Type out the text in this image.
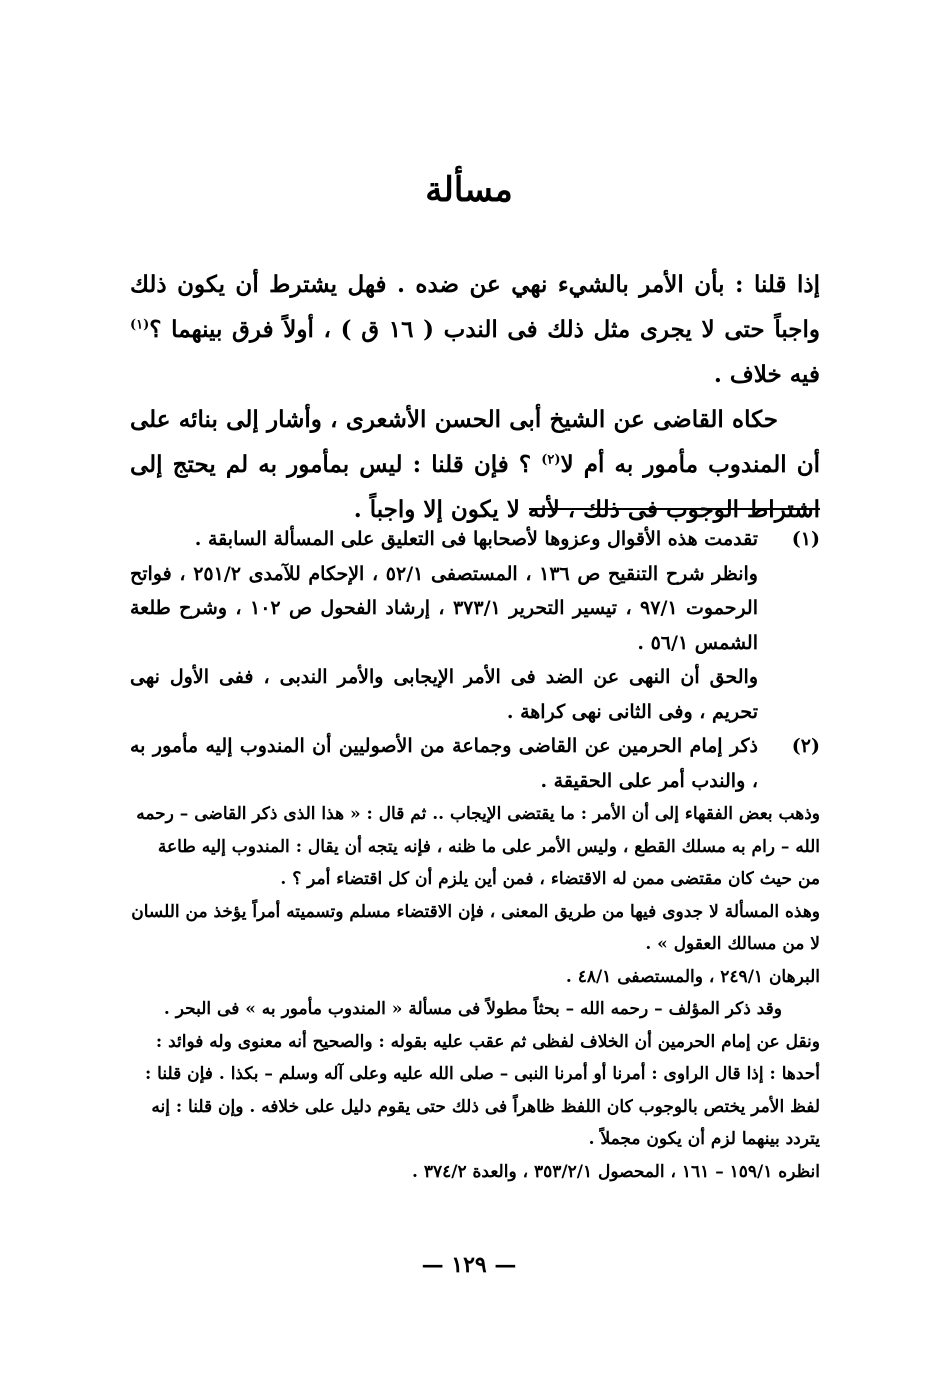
مسألة

إذا قلنا : بأن الأمر بالشيء نهي عن ضده . فهل يشترط أن يكون ذلك واجباً حتى لا يجرى مثل ذلك فى الندب ( ١٦ ق ) ، أولاً فرق بينهما ؟$^{(١)}$ فيه خلاف .

حكاه القاضى عن الشيخ أبى الحسن الأشعرى ، وأشار إلى بنائه على أن المندوب مأمور به أم لا$^{(٢)}$ ؟ فإن قلنا : ليس بمأمور به لم يحتج إلى اشتراط الوجوب فى ذلك ، لأنه لا يكون إلا واجباً .

(١)

تقدمت هذه الأقوال وعزوها لأصحابها فى التعليق على المسألة السابقة .

وانظر شرح التنقيح ص ١٣٦ ، المستصفى ٥٢/١ ، الإحكام للآمدى ٢٥١/٢ ، فواتح الرحموت ٩٧/١ ، تيسير التحرير ٣٧٣/١ ، إرشاد الفحول ص ١٠٢ ، وشرح طلعة الشمس ٥٦/١ .

والحق أن النهى عن الضد فى الأمر الإيجابى والأمر الندبى ، ففى الأول نهى تحريم ، وفى الثانى نهى كراهة .

(٢)

ذكر إمام الحرمين عن القاضى وجماعة من الأصوليين أن المندوب إليه مأمور به ، والندب أمر على الحقيقة .

وذهب بعض الفقهاء إلى أن الأمر : ما يقتضى الإيجاب .. ثم قال : « هذا الذى ذكر القاضى – رحمه الله – رام به مسلك القطع ، وليس الأمر على ما ظنه ، فإنه يتجه أن يقال : المندوب إليه طاعة من حيث كان مقتضى ممن له الاقتضاء ، فمن أين يلزم أن كل اقتضاء أمر ؟ .

وهذه المسألة لا جدوى فيها من طريق المعنى ، فإن الاقتضاء مسلم وتسميته أمراً يؤخذ من اللسان لا من مسالك العقول » .

البرهان ٢٤٩/١ ، والمستصفى ٤٨/١ .

وقد ذكر المؤلف – رحمه الله – بحثاً مطولاً فى مسألة « المندوب مأمور به » فى البحر . ونقل عن إمام الحرمين أن الخلاف لفظى ثم عقب عليه بقوله : والصحيح أنه معنوى وله فوائد : أحدها : إذا قال الراوى : أمرنا أو أمرنا النبى – صلى الله عليه وعلى آله وسلم – بكذا . فإن قلنا : لفظ الأمر يختص بالوجوب كان اللفظ ظاهراً فى ذلك حتى يقوم دليل على خلافه . وإن قلنا : إنه يتردد بينهما لزم أن يكون مجملاً .

انظره ١٥٩/١ – ١٦١ ، المحصول ٣٥٣/٢/١ ، والعدة ٣٧٤/٢ .

— ١٢٩ —
